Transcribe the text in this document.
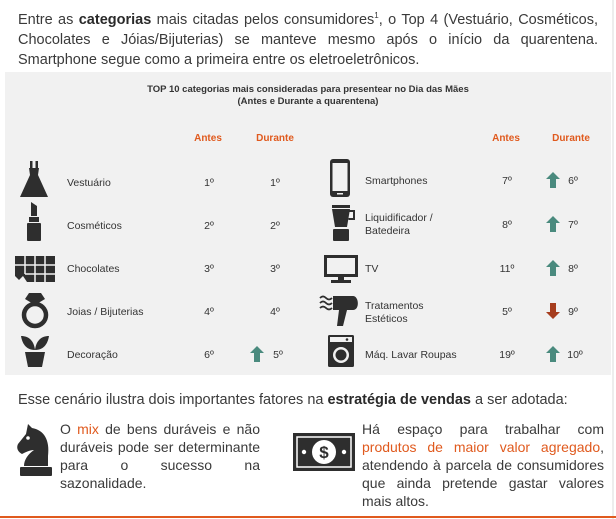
Entre as categorias mais citadas pelos consumidores$^1$, o Top 4 (Vestuário, Cosméticos, Chocolates e Jóias/Bijuterias) se manteve mesmo após o início da quarentena. Smartphone segue como a primeira entre os eletroeletrônicos.
TOP 10 categorias mais consideradas para presentear no Dia das Mães
(Antes e Durante a quarentena)
Antes	Durante	Antes	Durante
Vestuário	1º	1º
Cosméticos	2º	2º
Chocolates	3º	3º
Joias / Bijuterias	4º	4º
Decoração	6º	5º
Smartphones	7º	6º
Liquidificador /
Batedeira	8º	7º
TV	11º	8º
Tratamentos
Estéticos
5º	9º
Máq. Lavar Roupas	19º	10º
Esse cenário ilustra dois importantes fatores na estratégia de vendas a ser adotada:
O mix de bens duráveis e não duráveis pode ser determinante para o sucesso na sazonalidade.
$
Há espaço para trabalhar com produtos de maior valor agregado, atendendo à parcela de consumidores que ainda pretende gastar valores mais altos.
